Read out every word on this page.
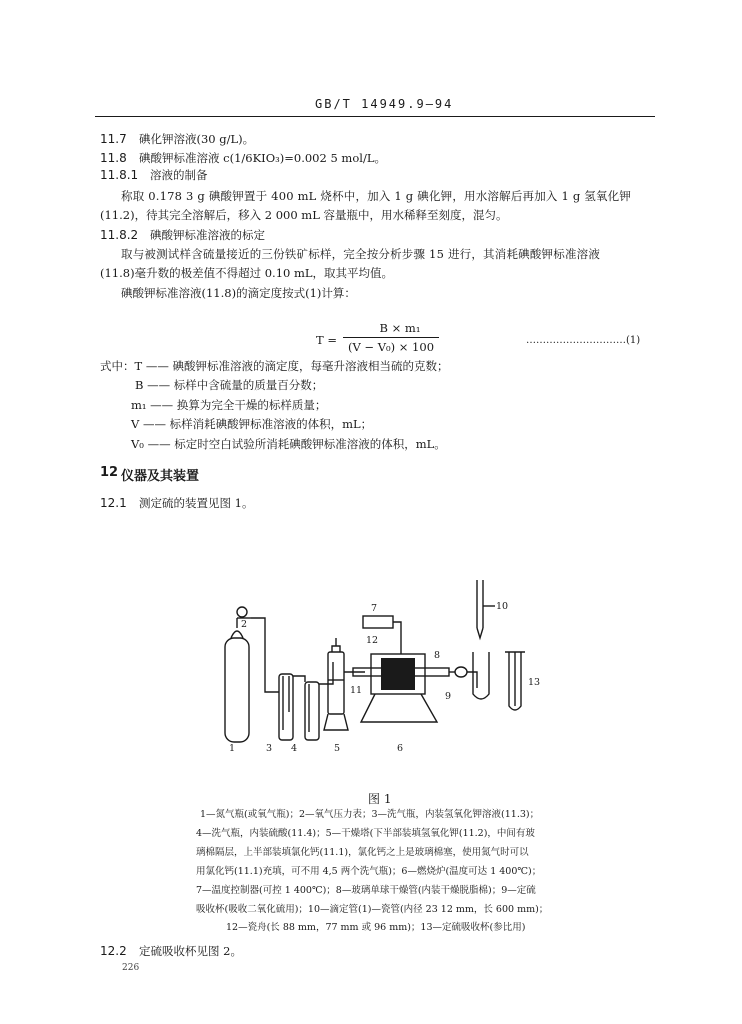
GB/T 14949.9—94
11.7 碘化钾溶液(30 g/L)。
11.8 碘酸钾标准溶液 c(1/6KIO₃)=0.002 5 mol/L。
11.8.1 溶液的制备
称取 0.178 3 g 碘酸钾置于 400 mL 烧杯中，加入 1 g 碘化钾，用水溶解后再加入 1 g 氢氧化钾
(11.2)，待其完全溶解后，移入 2 000 mL 容量瓶中，用水稀释至刻度，混匀。
11.8.2 碘酸钾标准溶液的标定
取与被测试样含硫量接近的三份铁矿标样，完全按分析步骤 15 进行，其消耗碘酸钾标准溶液
(11.8)毫升数的极差值不得超过 0.10 mL，取其平均值。
碘酸钾标准溶液(11.8)的滴定度按式(1)计算：
T =
B × m₁
(V − V₀) × 100	…………………………(1)
式中：T —— 碘酸钾标准溶液的滴定度，每毫升溶液相当硫的克数；
B —— 标样中含硫量的质量百分数；
m₁ —— 换算为完全干燥的标样质量；
V —— 标样消耗碘酸钾标准溶液的体积，mL；
V₀ —— 标定时空白试验所消耗碘酸钾标准溶液的体积，mL。
12 仪器及其装置
12.1 测定硫的装置见图 1。
1
2
3 4	5	6
7
8
9
10
11
12
13
图 1
1—氮气瓶(或氧气瓶)；2—氧气压力表；3—洗气瓶，内装氢氧化钾溶液(11.3)；
4—洗气瓶，内装硫酸(11.4)；5—干燥塔(下半部装填氢氧化钾(11.2)，中间有玻
璃棉隔层，上半部装填氯化钙(11.1)，氯化钙之上是玻璃棉塞，使用氮气时可以
用氯化钙(11.1)充填，可不用 4,5 两个洗气瓶)；6—燃烧炉(温度可达 1 400℃)；
7—温度控制器(可控 1 400℃)；8—玻璃单球干燥管(内装干燥脱脂棉)；9—定硫
吸收杯(吸收二氧化硫用)；10—滴定管(1)—瓷管(内径 23 12 mm，长 600 mm)；
12—瓷舟(长 88 mm，77 mm 或 96 mm)；13—定硫吸收杯(参比用)
12.2 定硫吸收杯见图 2。
226
